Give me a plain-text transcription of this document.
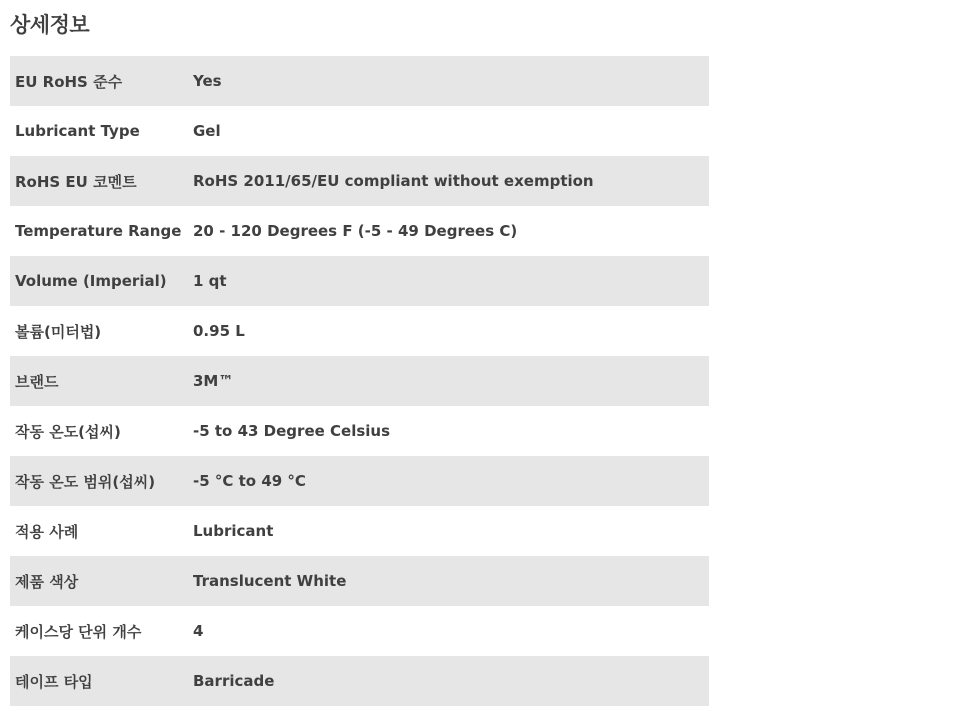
상세정보
EU RoHS 준수	Yes
Lubricant Type	Gel
RoHS EU 코멘트	RoHS 2011/65/EU compliant without exemption
Temperature Range	20 - 120 Degrees F (-5 - 49 Degrees C)
Volume (Imperial)	1 qt
볼륨(미터법)	0.95 L
브랜드	3M™
작동 온도(섭씨)	-5 to 43 Degree Celsius
작동 온도 범위(섭씨)	-5 °C to 49 °C
적용 사례	Lubricant
제품 색상	Translucent White
케이스당 단위 개수	4
테이프 타입	Barricade
